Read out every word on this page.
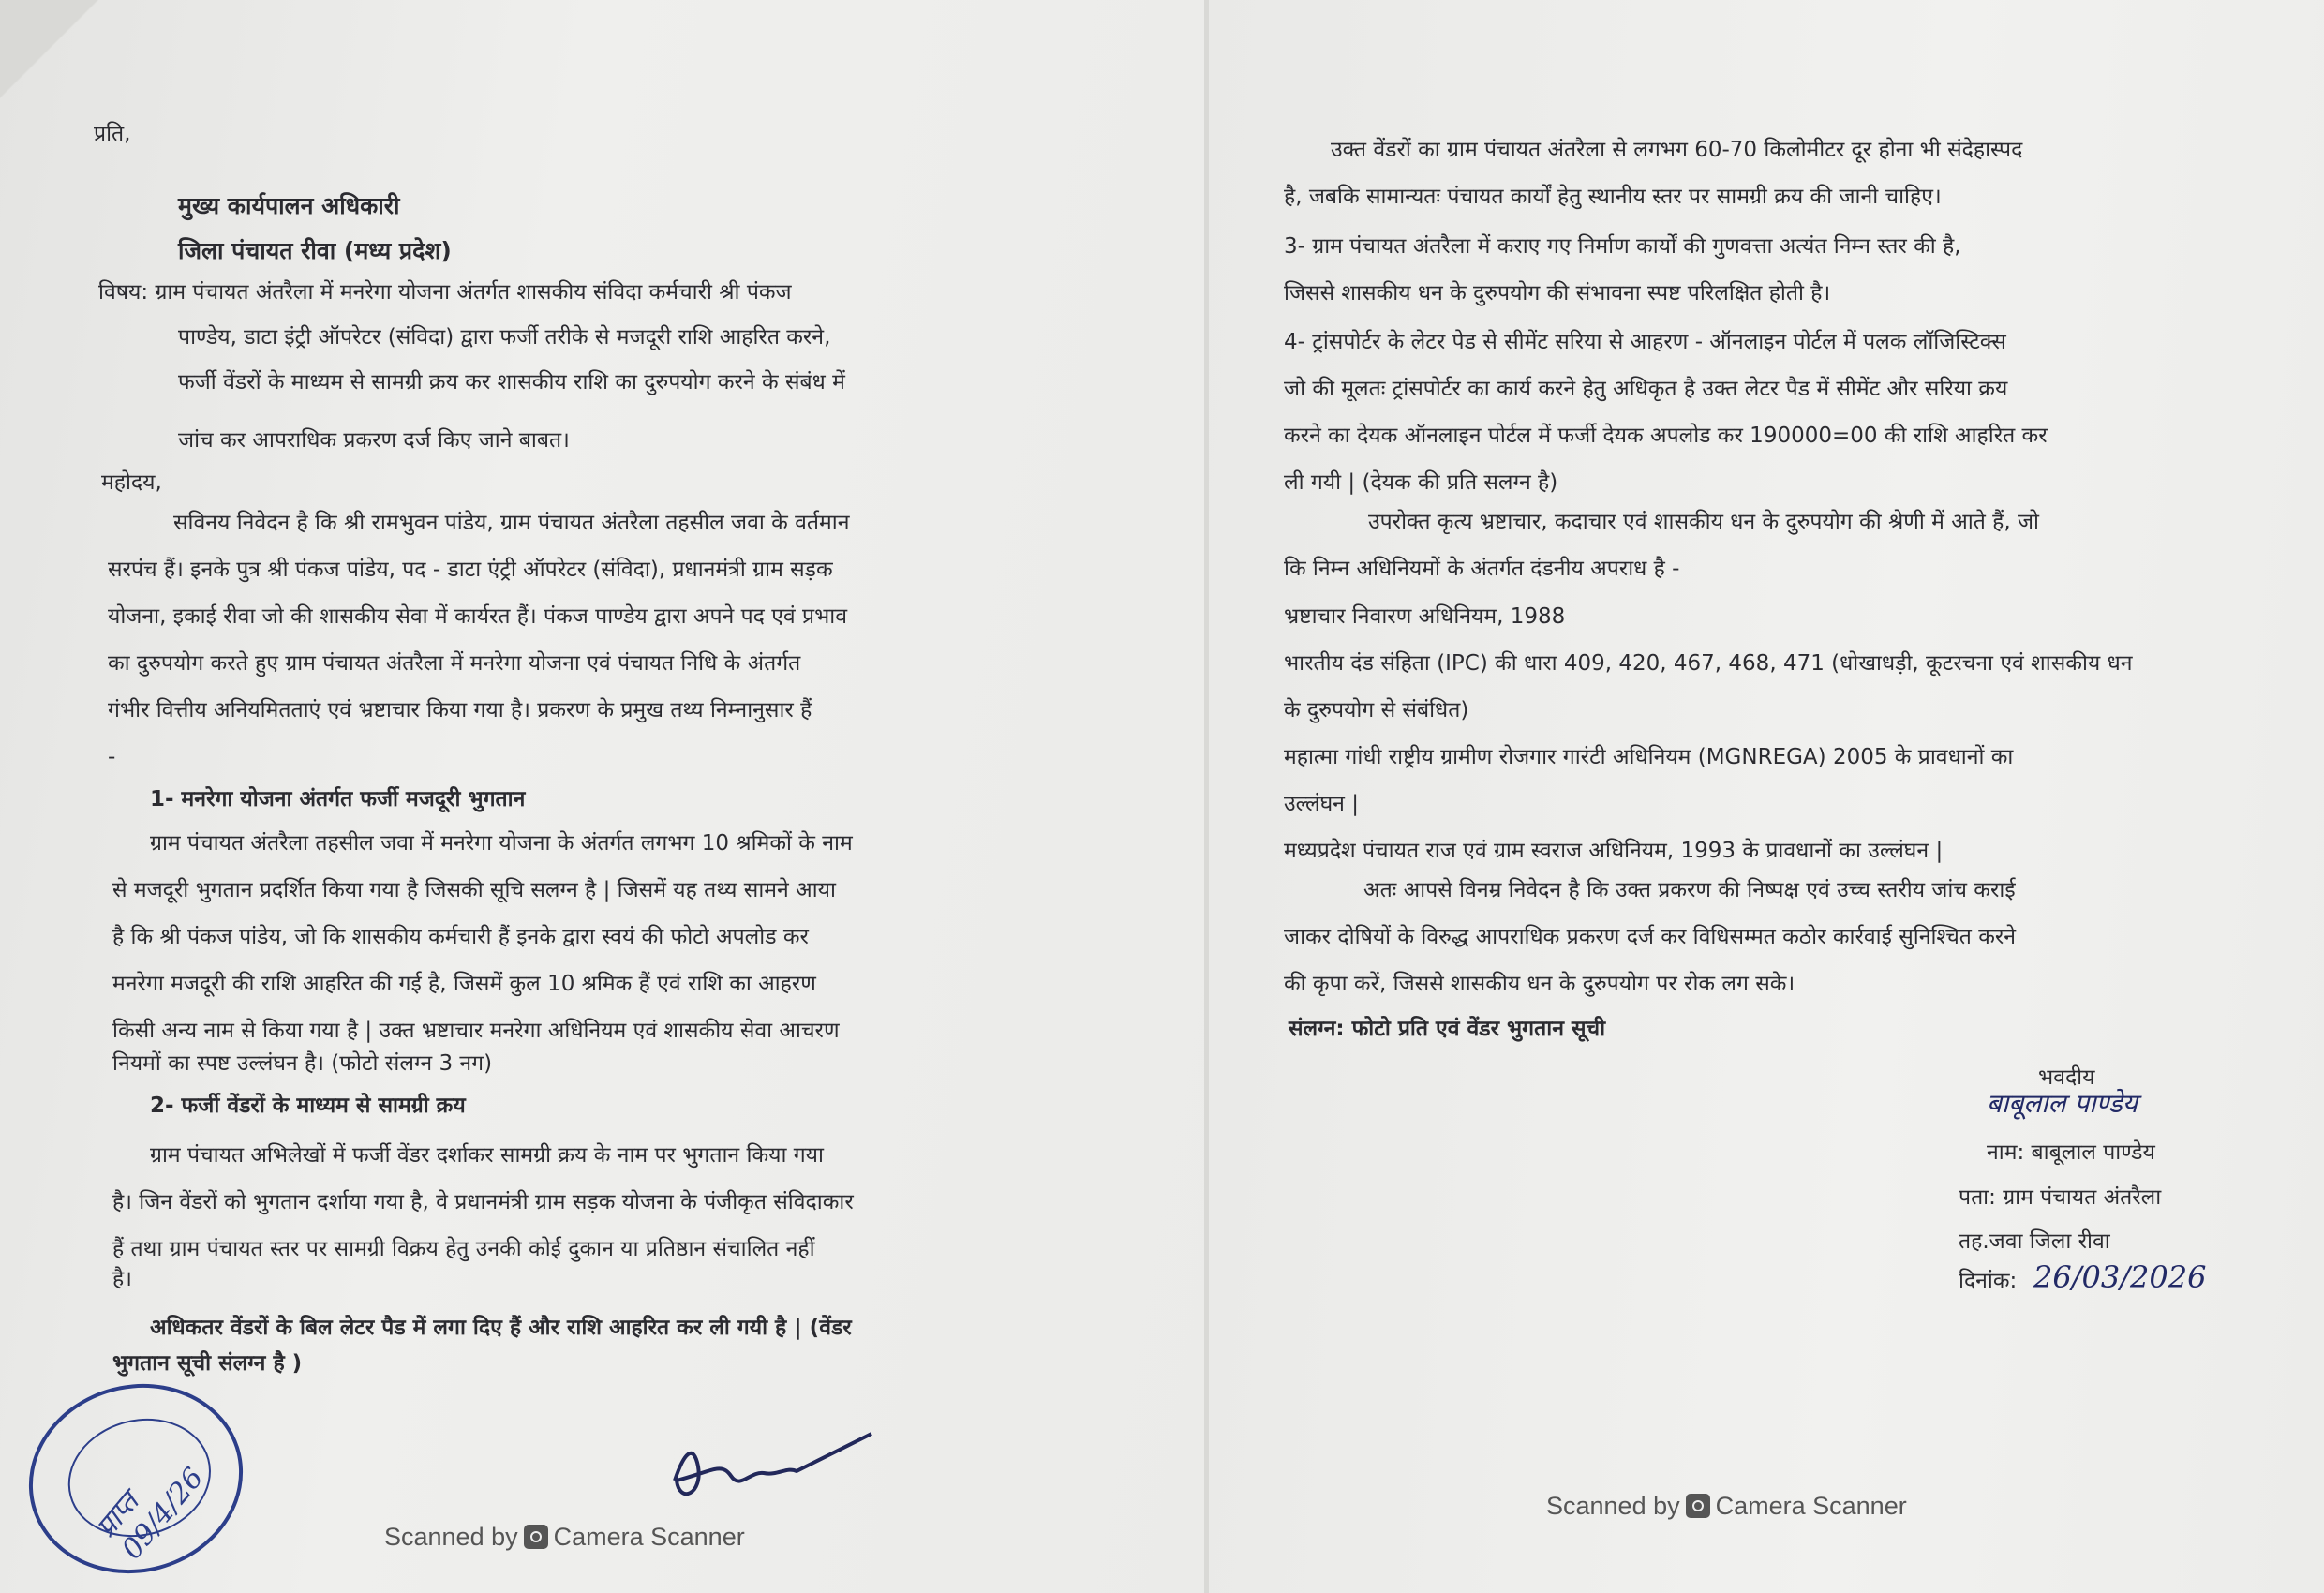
प्रति,
मुख्य कार्यपालन अधिकारी
जिला पंचायत रीवा (मध्य प्रदेश)
विषय: ग्राम पंचायत अंतरैला में मनरेगा योजना अंतर्गत शासकीय संविदा कर्मचारी श्री पंकज
पाण्डेय, डाटा इंट्री ऑपरेटर (संविदा) द्वारा फर्जी तरीके से मजदूरी राशि आहरित करने,
फर्जी वेंडरों के माध्यम से सामग्री क्रय कर शासकीय राशि का दुरुपयोग करने के संबंध में
जांच कर आपराधिक प्रकरण दर्ज किए जाने बाबत।
महोदय,
सविनय निवेदन है कि श्री रामभुवन पांडेय, ग्राम पंचायत अंतरैला तहसील जवा के वर्तमान
सरपंच हैं। इनके पुत्र श्री पंकज पांडेय, पद - डाटा एंट्री ऑपरेटर (संविदा), प्रधानमंत्री ग्राम सड़क
योजना, इकाई रीवा जो की शासकीय सेवा में कार्यरत हैं। पंकज पाण्डेय द्वारा अपने पद एवं प्रभाव
का दुरुपयोग करते हुए ग्राम पंचायत अंतरैला में मनरेगा योजना एवं पंचायत निधि के अंतर्गत
गंभीर वित्तीय अनियमितताएं एवं भ्रष्टाचार किया गया है। प्रकरण के प्रमुख तथ्य निम्नानुसार हैं
-
1- मनरेगा योजना अंतर्गत फर्जी मजदूरी भुगतान
ग्राम पंचायत अंतरैला तहसील जवा में मनरेगा योजना के अंतर्गत लगभग 10 श्रमिकों के नाम
से मजदूरी भुगतान प्रदर्शित किया गया है जिसकी सूचि सलग्न है | जिसमें यह तथ्य सामने आया
है कि श्री पंकज पांडेय, जो कि शासकीय कर्मचारी हैं इनके द्वारा स्वयं की फोटो अपलोड कर
मनरेगा मजदूरी की राशि आहरित की गई है, जिसमें कुल 10 श्रमिक हैं एवं राशि का आहरण
किसी अन्य नाम से किया गया है | उक्त भ्रष्टाचार मनरेगा अधिनियम एवं शासकीय सेवा आचरण
नियमों का स्पष्ट उल्लंघन है। (फोटो संलग्न 3 नग)
2- फर्जी वेंडरों के माध्यम से सामग्री क्रय
ग्राम पंचायत अभिलेखों में फर्जी वेंडर दर्शाकर सामग्री क्रय के नाम पर भुगतान किया गया
है। जिन वेंडरों को भुगतान दर्शाया गया है, वे प्रधानमंत्री ग्राम सड़क योजना के पंजीकृत संविदाकार
हैं तथा ग्राम पंचायत स्तर पर सामग्री विक्रय हेतु उनकी कोई दुकान या प्रतिष्ठान संचालित नहीं
है।
अधिकतर वेंडरों के बिल लेटर पैड में लगा दिए हैं और राशि आहरित कर ली गयी है | (वेंडर
भुगतान सूची संलग्न है )
प्राप्त 09/4/26	Scanned by Camera Scanner
उक्त वेंडरों का ग्राम पंचायत अंतरैला से लगभग 60-70 किलोमीटर दूर होना भी संदेहास्पद
है, जबकि सामान्यतः पंचायत कार्यों हेतु स्थानीय स्तर पर सामग्री क्रय की जानी चाहिए।
3- ग्राम पंचायत अंतरैला में कराए गए निर्माण कार्यों की गुणवत्ता अत्यंत निम्न स्तर की है,
जिससे शासकीय धन के दुरुपयोग की संभावना स्पष्ट परिलक्षित होती है।
4- ट्रांसपोर्टर के लेटर पेड से सीमेंट सरिया से आहरण - ऑनलाइन पोर्टल में पलक लॉजिस्टिक्स
जो की मूलतः ट्रांसपोर्टर का कार्य करने हेतु अधिकृत है उक्त लेटर पैड में सीमेंट और सरिया क्रय
करने का देयक ऑनलाइन पोर्टल में फर्जी देयक अपलोड कर 190000=00 की राशि आहरित कर
ली गयी | (देयक की प्रति सलग्न है)
उपरोक्त कृत्य भ्रष्टाचार, कदाचार एवं शासकीय धन के दुरुपयोग की श्रेणी में आते हैं, जो
कि निम्न अधिनियमों के अंतर्गत दंडनीय अपराध है -
भ्रष्टाचार निवारण अधिनियम, 1988
भारतीय दंड संहिता (IPC) की धारा 409, 420, 467, 468, 471 (धोखाधड़ी, कूटरचना एवं शासकीय धन
के दुरुपयोग से संबंधित)
महात्मा गांधी राष्ट्रीय ग्रामीण रोजगार गारंटी अधिनियम (MGNREGA) 2005 के प्रावधानों का
उल्लंघन |
मध्यप्रदेश पंचायत राज एवं ग्राम स्वराज अधिनियम, 1993 के प्रावधानों का उल्लंघन |
अतः आपसे विनम्र निवेदन है कि उक्त प्रकरण की निष्पक्ष एवं उच्च स्तरीय जांच कराई
जाकर दोषियों के विरुद्ध आपराधिक प्रकरण दर्ज कर विधिसम्मत कठोर कार्रवाई सुनिश्चित करने
की कृपा करें, जिससे शासकीय धन के दुरुपयोग पर रोक लग सके।
संलग्न: फोटो प्रति एवं वेंडर भुगतान सूची
भवदीय
बाबूलाल पाण्डेय
नाम: बाबूलाल पाण्डेय
पता: ग्राम पंचायत अंतरैला
तह.जवा जिला रीवा
दिनांक: 26/03/2026
Scanned by Camera Scanner
